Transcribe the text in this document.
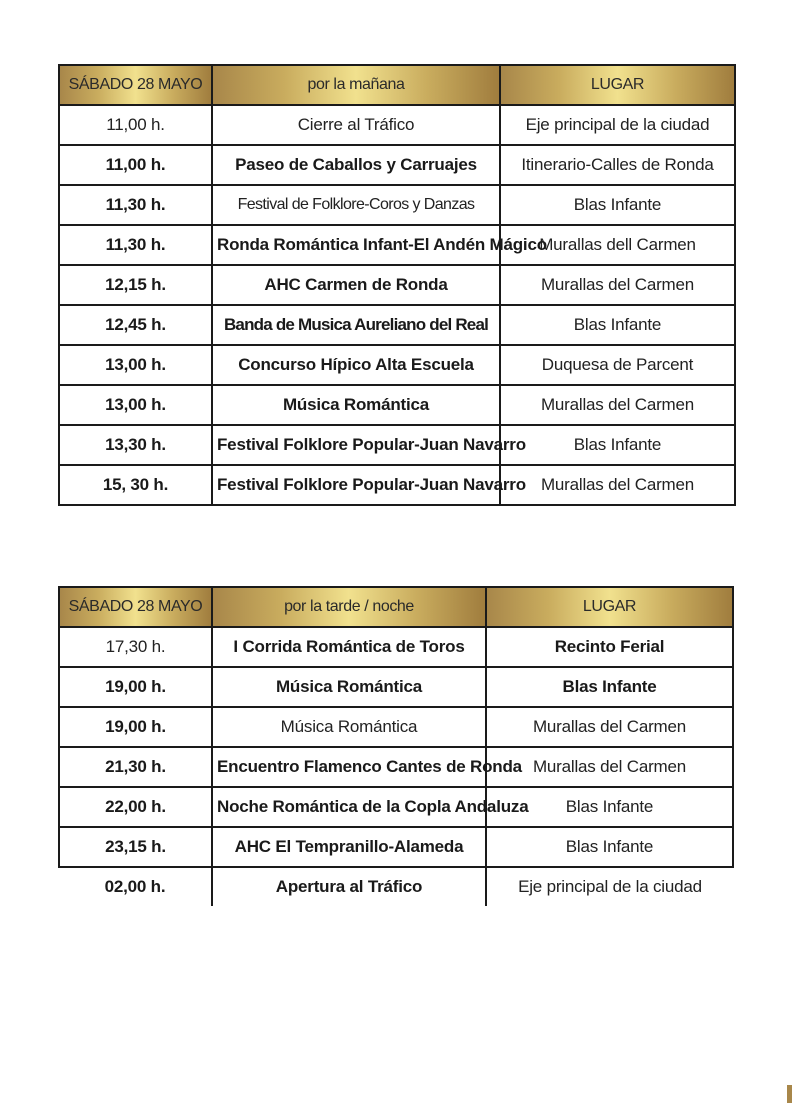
SÁBADO 28 MAYO	por la mañana	LUGAR
11,00 h.	Cierre al Tráfico	Eje principal de la ciudad
11,00 h.	Paseo de Caballos y Carruajes	Itinerario-Calles de Ronda
11,30 h.	Festival de Folklore-Coros y Danzas	Blas Infante
11,30 h.	Ronda Romántica Infant-El Andén Mágico	Murallas dell Carmen
12,15 h.	AHC Carmen de Ronda	Murallas del Carmen
12,45 h.	Banda de Musica Aureliano del Real	Blas Infante
13,00 h.	Concurso Hípico Alta Escuela	Duquesa de Parcent
13,00 h.	Música Romántica	Murallas del Carmen
13,30 h.	Festival Folklore Popular-Juan Navarro	Blas Infante
15, 30 h.	Festival Folklore Popular-Juan Navarro	Murallas del Carmen
SÁBADO 28 MAYO	por la tarde / noche	LUGAR
17,30 h.	I Corrida Romántica de Toros	Recinto Ferial
19,00 h.	Música Romántica	Blas Infante
19,00 h.	Música Romántica	Murallas del Carmen
21,30 h.	Encuentro Flamenco Cantes de Ronda	Murallas del Carmen
22,00 h.	Noche Romántica de la Copla Andaluza	Blas Infante
23,15 h.	AHC El Tempranillo-Alameda	Blas Infante
02,00 h.	Apertura al Tráfico	Eje principal de la ciudad
